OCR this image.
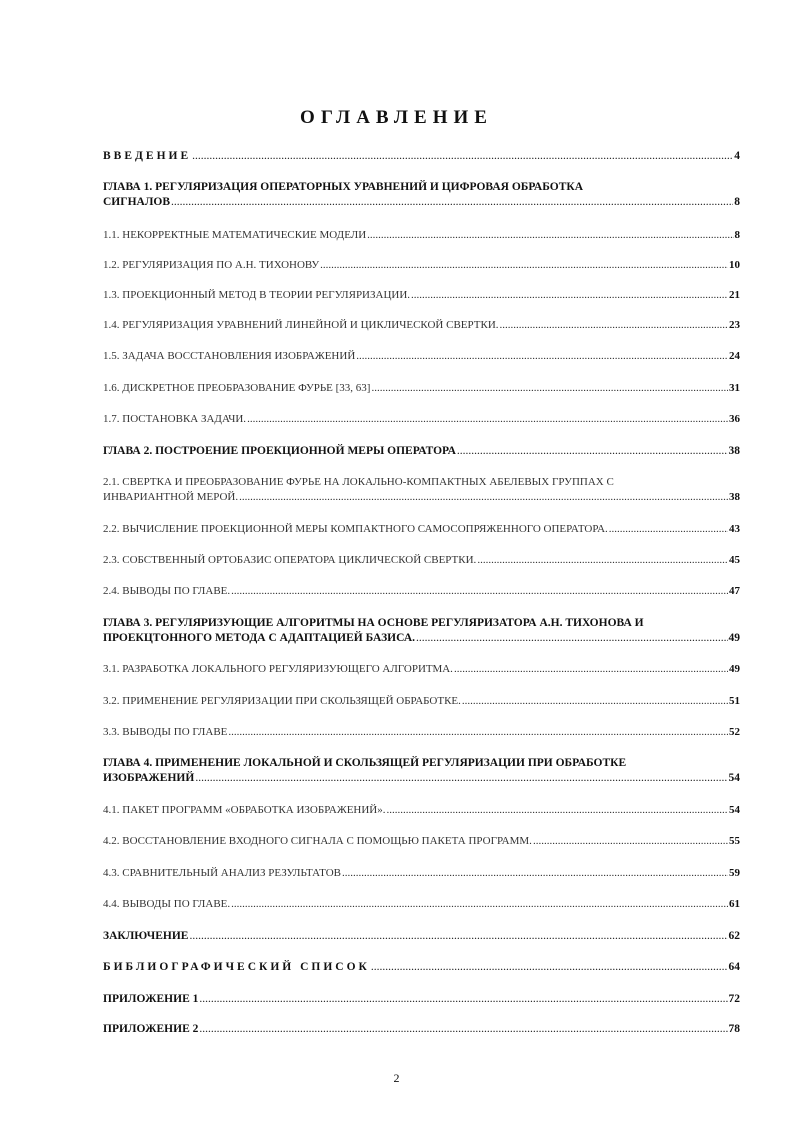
ОГЛАВЛЕНИЕ
ВВЕДЕНИЕ .....	4
ГЛАВА 1. РЕГУЛЯРИЗАЦИЯ ОПЕРАТОРНЫХ УРАВНЕНИЙ И ЦИФРОВАЯ ОБРАБОТКА
СИГНАЛОВ .....	8
1.1. НЕКОРРЕКТНЫЕ МАТЕМАТИЧЕСКИЕ МОДЕЛИ .....	8
1.2. РЕГУЛЯРИЗАЦИЯ ПО А.Н. ТИХОНОВУ .....	10
1.3. ПРОЕКЦИОННЫЙ МЕТОД В ТЕОРИИ РЕГУЛЯРИЗАЦИИ. .....	21
1.4. РЕГУЛЯРИЗАЦИЯ УРАВНЕНИЙ ЛИНЕЙНОЙ И ЦИКЛИЧЕСКОЙ СВЕРТКИ. .....	23
1.5. ЗАДАЧА ВОССТАНОВЛЕНИЯ ИЗОБРАЖЕНИЙ .....	24
1.6. ДИСКРЕТНОЕ ПРЕОБРАЗОВАНИЕ ФУРЬЕ [33, 63] .....	31
1.7. ПОСТАНОВКА ЗАДАЧИ. .....	36
ГЛАВА 2. ПОСТРОЕНИЕ ПРОЕКЦИОННОЙ МЕРЫ ОПЕРАТОРА .....	38
2.1. СВЕРТКА И ПРЕОБРАЗОВАНИЕ ФУРЬЕ НА ЛОКАЛЬНО-КОМПАКТНЫХ АБЕЛЕВЫХ ГРУППАХ С
ИНВАРИАНТНОЙ МЕРОЙ. .....	38
2.2. ВЫЧИСЛЕНИЕ ПРОЕКЦИОННОЙ МЕРЫ КОМПАКТНОГО САМОСОПРЯЖЕННОГО ОПЕРАТОРА. .....	43
2.3. СОБСТВЕННЫЙ ОРТОБАЗИС ОПЕРАТОРА ЦИКЛИЧЕСКОЙ СВЕРТКИ. .....	45
2.4. ВЫВОДЫ ПО ГЛАВЕ. .....	47
ГЛАВА 3. РЕГУЛЯРИЗУЮЩИЕ АЛГОРИТМЫ НА ОСНОВЕ РЕГУЛЯРИЗАТОРА А.Н. ТИХОНОВА И
ПРОЕКЦТОННОГО МЕТОДА С АДАПТАЦИЕЙ БАЗИСА. .....	49
3.1. РАЗРАБОТКА ЛОКАЛЬНОГО РЕГУЛЯРИЗУЮЩЕГО АЛГОРИТМА. .....	49
3.2. ПРИМЕНЕНИЕ РЕГУЛЯРИЗАЦИИ ПРИ СКОЛЬЗЯЩЕЙ ОБРАБОТКЕ. .....	51
3.3. ВЫВОДЫ ПО ГЛАВЕ .....	52
ГЛАВА 4. ПРИМЕНЕНИЕ ЛОКАЛЬНОЙ И СКОЛЬЗЯЩЕЙ РЕГУЛЯРИЗАЦИИ ПРИ ОБРАБОТКЕ
ИЗОБРАЖЕНИЙ .....	54
4.1. ПАКЕТ ПРОГРАММ «ОБРАБОТКА ИЗОБРАЖЕНИЙ». .....	54
4.2. ВОССТАНОВЛЕНИЕ ВХОДНОГО СИГНАЛА С ПОМОЩЬЮ ПАКЕТА ПРОГРАММ. .....	55
4.3. СРАВНИТЕЛЬНЫЙ АНАЛИЗ РЕЗУЛЬТАТОВ .....	59
4.4. ВЫВОДЫ ПО ГЛАВЕ. .....	61
ЗАКЛЮЧЕНИЕ .....	62
БИБЛИОГРАФИЧЕСКИЙ СПИСОК .....	64
ПРИЛОЖЕНИЕ 1 .....	72
ПРИЛОЖЕНИЕ 2 .....	78
2
